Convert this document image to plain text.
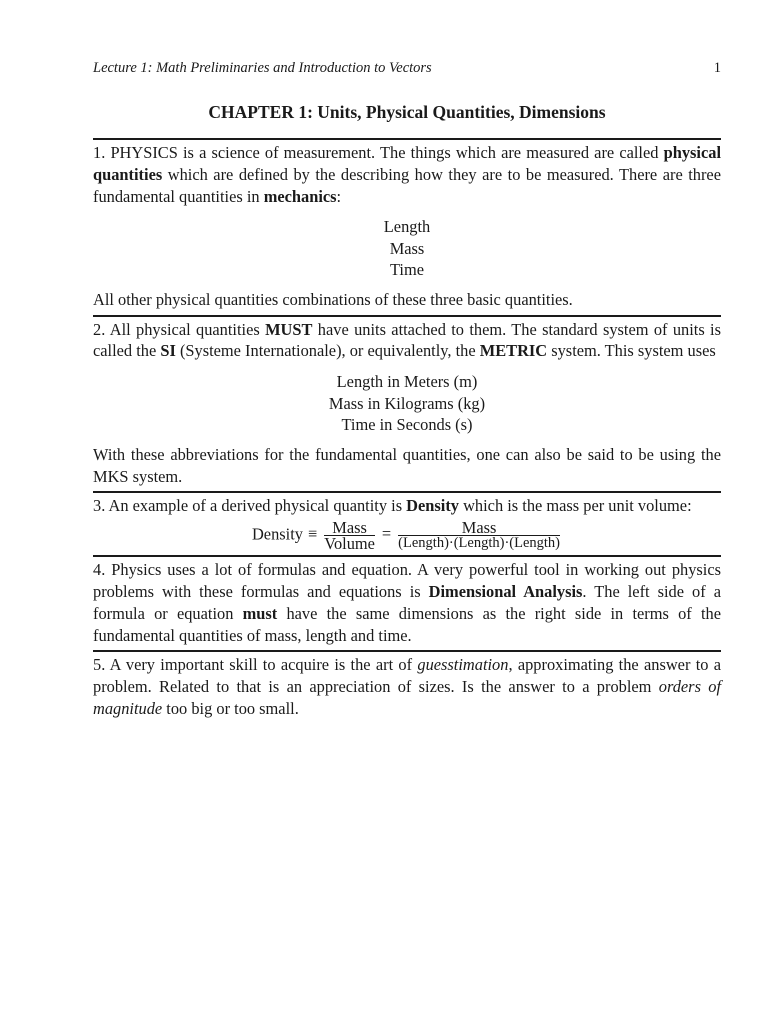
Lecture 1: Math Preliminaries and Introduction to Vectors	1
CHAPTER 1: Units, Physical Quantities, Dimensions

1. PHYSICS is a science of measurement. The things which are measured are called physical quantities which are defined by the describing how they are to be measured. There are three fundamental quantities in mechanics:

Length
Mass
Time

All other physical quantities combinations of these three basic quantities.

2. All physical quantities MUST have units attached to them. The standard system of units is called the SI (Systeme Internationale), or equivalently, the METRIC system. This system uses

Length in Meters (m)
Mass in Kilograms (kg)
Time in Seconds (s)

With these abbreviations for the fundamental quantities, one can also be said to be using the MKS system.

3. An example of a derived physical quantity is Density which is the mass per unit volume:

Density ≡ $\frac{\text{Mass}}{\text{Volume}} = \frac{\text{Mass}}{\text{(Length)·(Length)·(Length)}}$

4. Physics uses a lot of formulas and equation. A very powerful tool in working out physics problems with these formulas and equations is Dimensional Analysis. The left side of a formula or equation must have the same dimensions as the right side in terms of the fundamental quantities of mass, length and time.

5. A very important skill to acquire is the art of guesstimation, approximating the answer to a problem. Related to that is an appreciation of sizes. Is the answer to a problem orders of magnitude too big or too small.
